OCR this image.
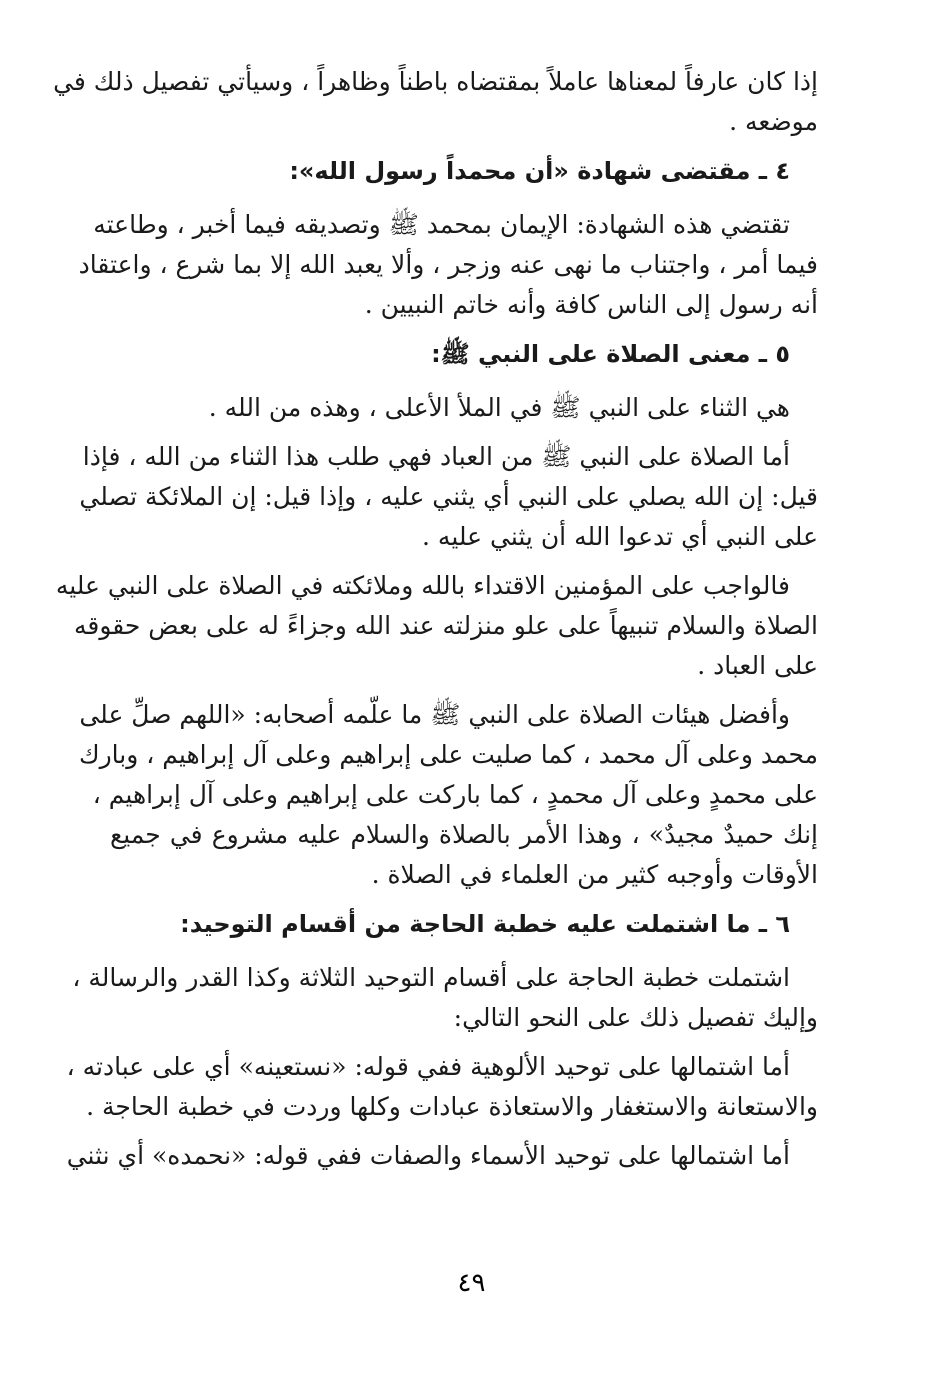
إذا كان عارفاً لمعناها عاملاً بمقتضاه باطناً وظاهراً ، وسيأتي تفصيل ذلك في
موضعه .
٤ ـ مقتضى شهادة «أن محمداً رسول الله»:
تقتضي هذه الشهادة: الإيمان بمحمد ﷺ وتصديقه فيما أخبر ، وطاعته
فيما أمر ، واجتناب ما نهى عنه وزجر ، وألا يعبد الله إلا بما شرع ، واعتقاد
أنه رسول إلى الناس كافة وأنه خاتم النبيين .
٥ ـ معنى الصلاة على النبي ﷺ:
هي الثناء على النبي ﷺ في الملأ الأعلى ، وهذه من الله .
أما الصلاة على النبي ﷺ من العباد فهي طلب هذا الثناء من الله ، فإذا
قيل: إن الله يصلي على النبي أي يثني عليه ، وإذا قيل: إن الملائكة تصلي
على النبي أي تدعوا الله أن يثني عليه .
فالواجب على المؤمنين الاقتداء بالله وملائكته في الصلاة على النبي عليه
الصلاة والسلام تنبيهاً على علو منزلته عند الله وجزاءً له على بعض حقوقه
على العباد .
وأفضل هيئات الصلاة على النبي ﷺ ما علّمه أصحابه: «اللهم صلِّ على
محمد وعلى آل محمد ، كما صليت على إبراهيم وعلى آل إبراهيم ، وبارك
على محمدٍ وعلى آل محمدٍ ، كما باركت على إبراهيم وعلى آل إبراهيم ،
إنك حميدٌ مجيدٌ» ، وهذا الأمر بالصلاة والسلام عليه مشروع في جميع
الأوقات وأوجبه كثير من العلماء في الصلاة .
٦ ـ ما اشتملت عليه خطبة الحاجة من أقسام التوحيد:
اشتملت خطبة الحاجة على أقسام التوحيد الثلاثة وكذا القدر والرسالة ،
وإليك تفصيل ذلك على النحو التالي:
أما اشتمالها على توحيد الألوهية ففي قوله: «نستعينه» أي على عبادته ،
والاستعانة والاستغفار والاستعاذة عبادات وكلها وردت في خطبة الحاجة .
أما اشتمالها على توحيد الأسماء والصفات ففي قوله: «نحمده» أي نثني
٤٩
